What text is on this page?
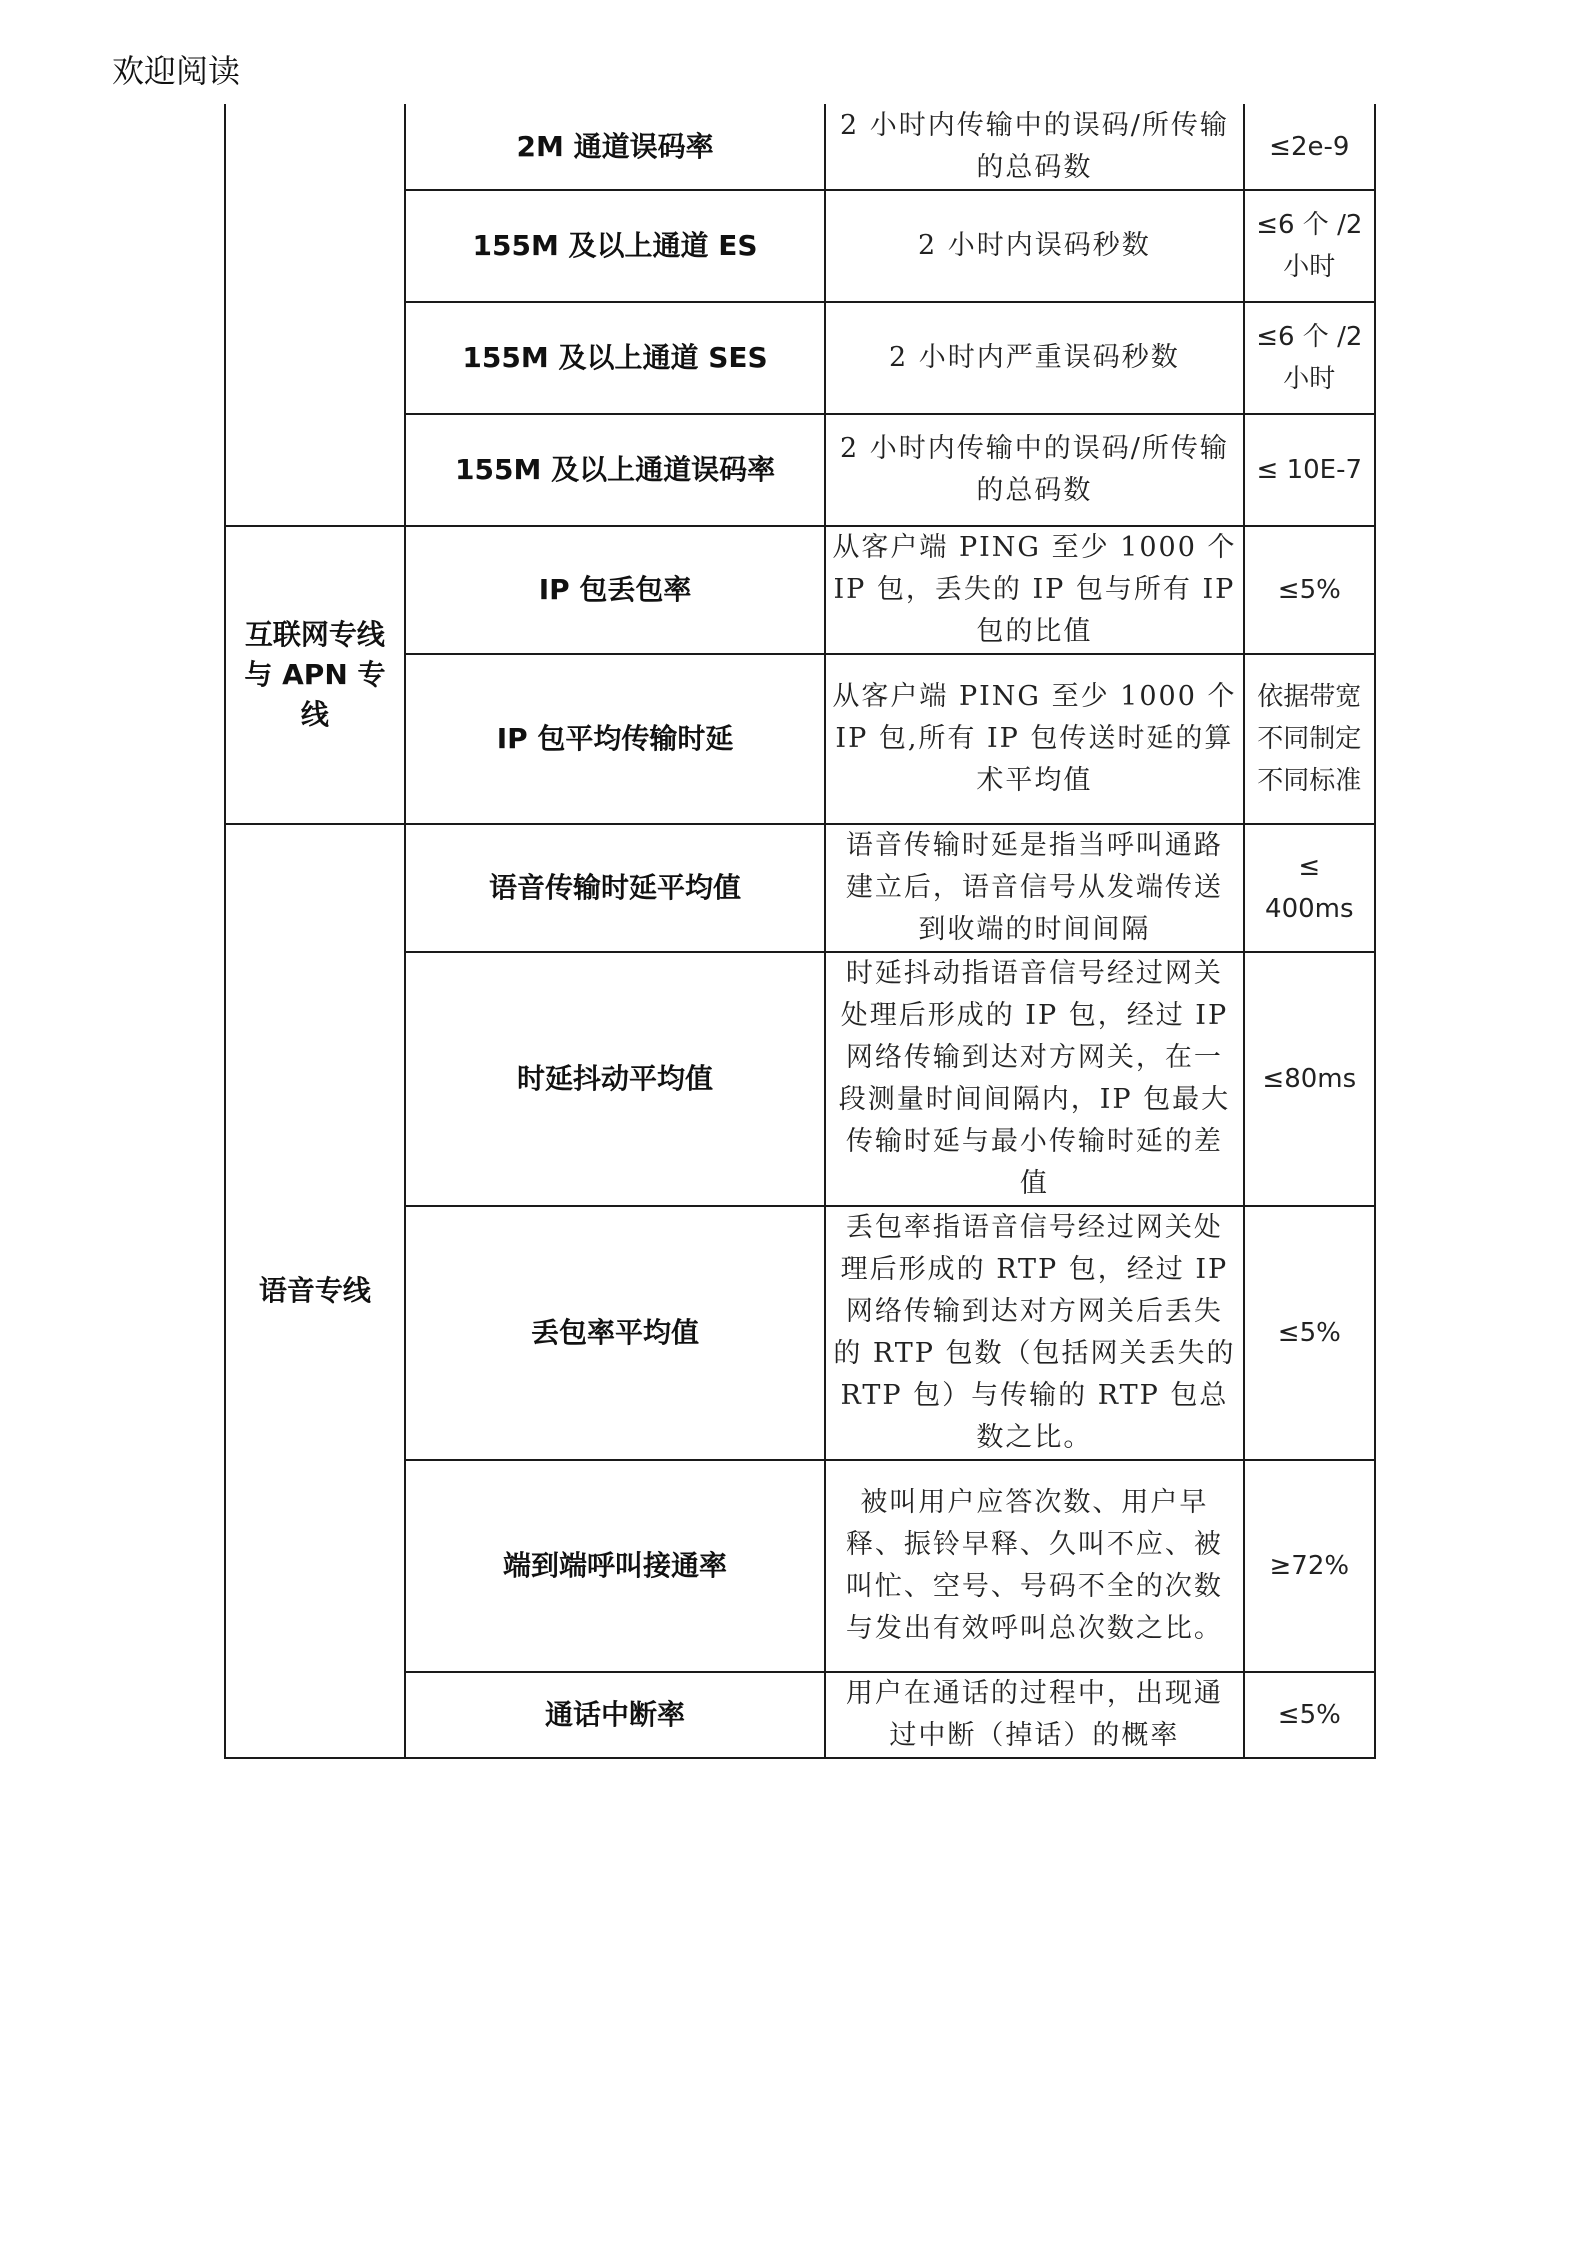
欢迎阅读
	2M 通道误码率	2 小时内传输中的误码/所传输的总码数	≤2e-9
	155M 及以上通道 ES	2 小时内误码秒数	≤6 个 /2 小时
	155M 及以上通道 SES	2 小时内严重误码秒数	≤6 个 /2 小时
	155M 及以上通道误码率	2 小时内传输中的误码/所传输的总码数	≤ 10E-7
互联网专线与 APN 专线	IP 包丢包率	从客户端 PING 至少 1000 个 IP 包，丢失的 IP 包与所有 IP 包的比值	≤5%
	IP 包平均传输时延	从客户端 PING 至少 1000 个 IP 包,所有 IP 包传送时延的算术平均值	依据带宽不同制定不同标准
语音专线	语音传输时延平均值	语音传输时延是指当呼叫通路建立后，语音信号从发端传送到收端的时间间隔	≤ 400ms
	时延抖动平均值	时延抖动指语音信号经过网关处理后形成的 IP 包，经过 IP 网络传输到达对方网关，在一段测量时间间隔内，IP 包最大传输时延与最小传输时延的差值	≤80ms
	丢包率平均值	丢包率指语音信号经过网关处理后形成的 RTP 包，经过 IP 网络传输到达对方网关后丢失的 RTP 包数（包括网关丢失的 RTP 包）与传输的 RTP 包总数之比。	≤5%
	端到端呼叫接通率	被叫用户应答次数、用户早释、振铃早释、久叫不应、被叫忙、空号、号码不全的次数与发出有效呼叫总次数之比。	≥72%
	通话中断率	用户在通话的过程中，出现通过中断（掉话）的概率	≤5%
